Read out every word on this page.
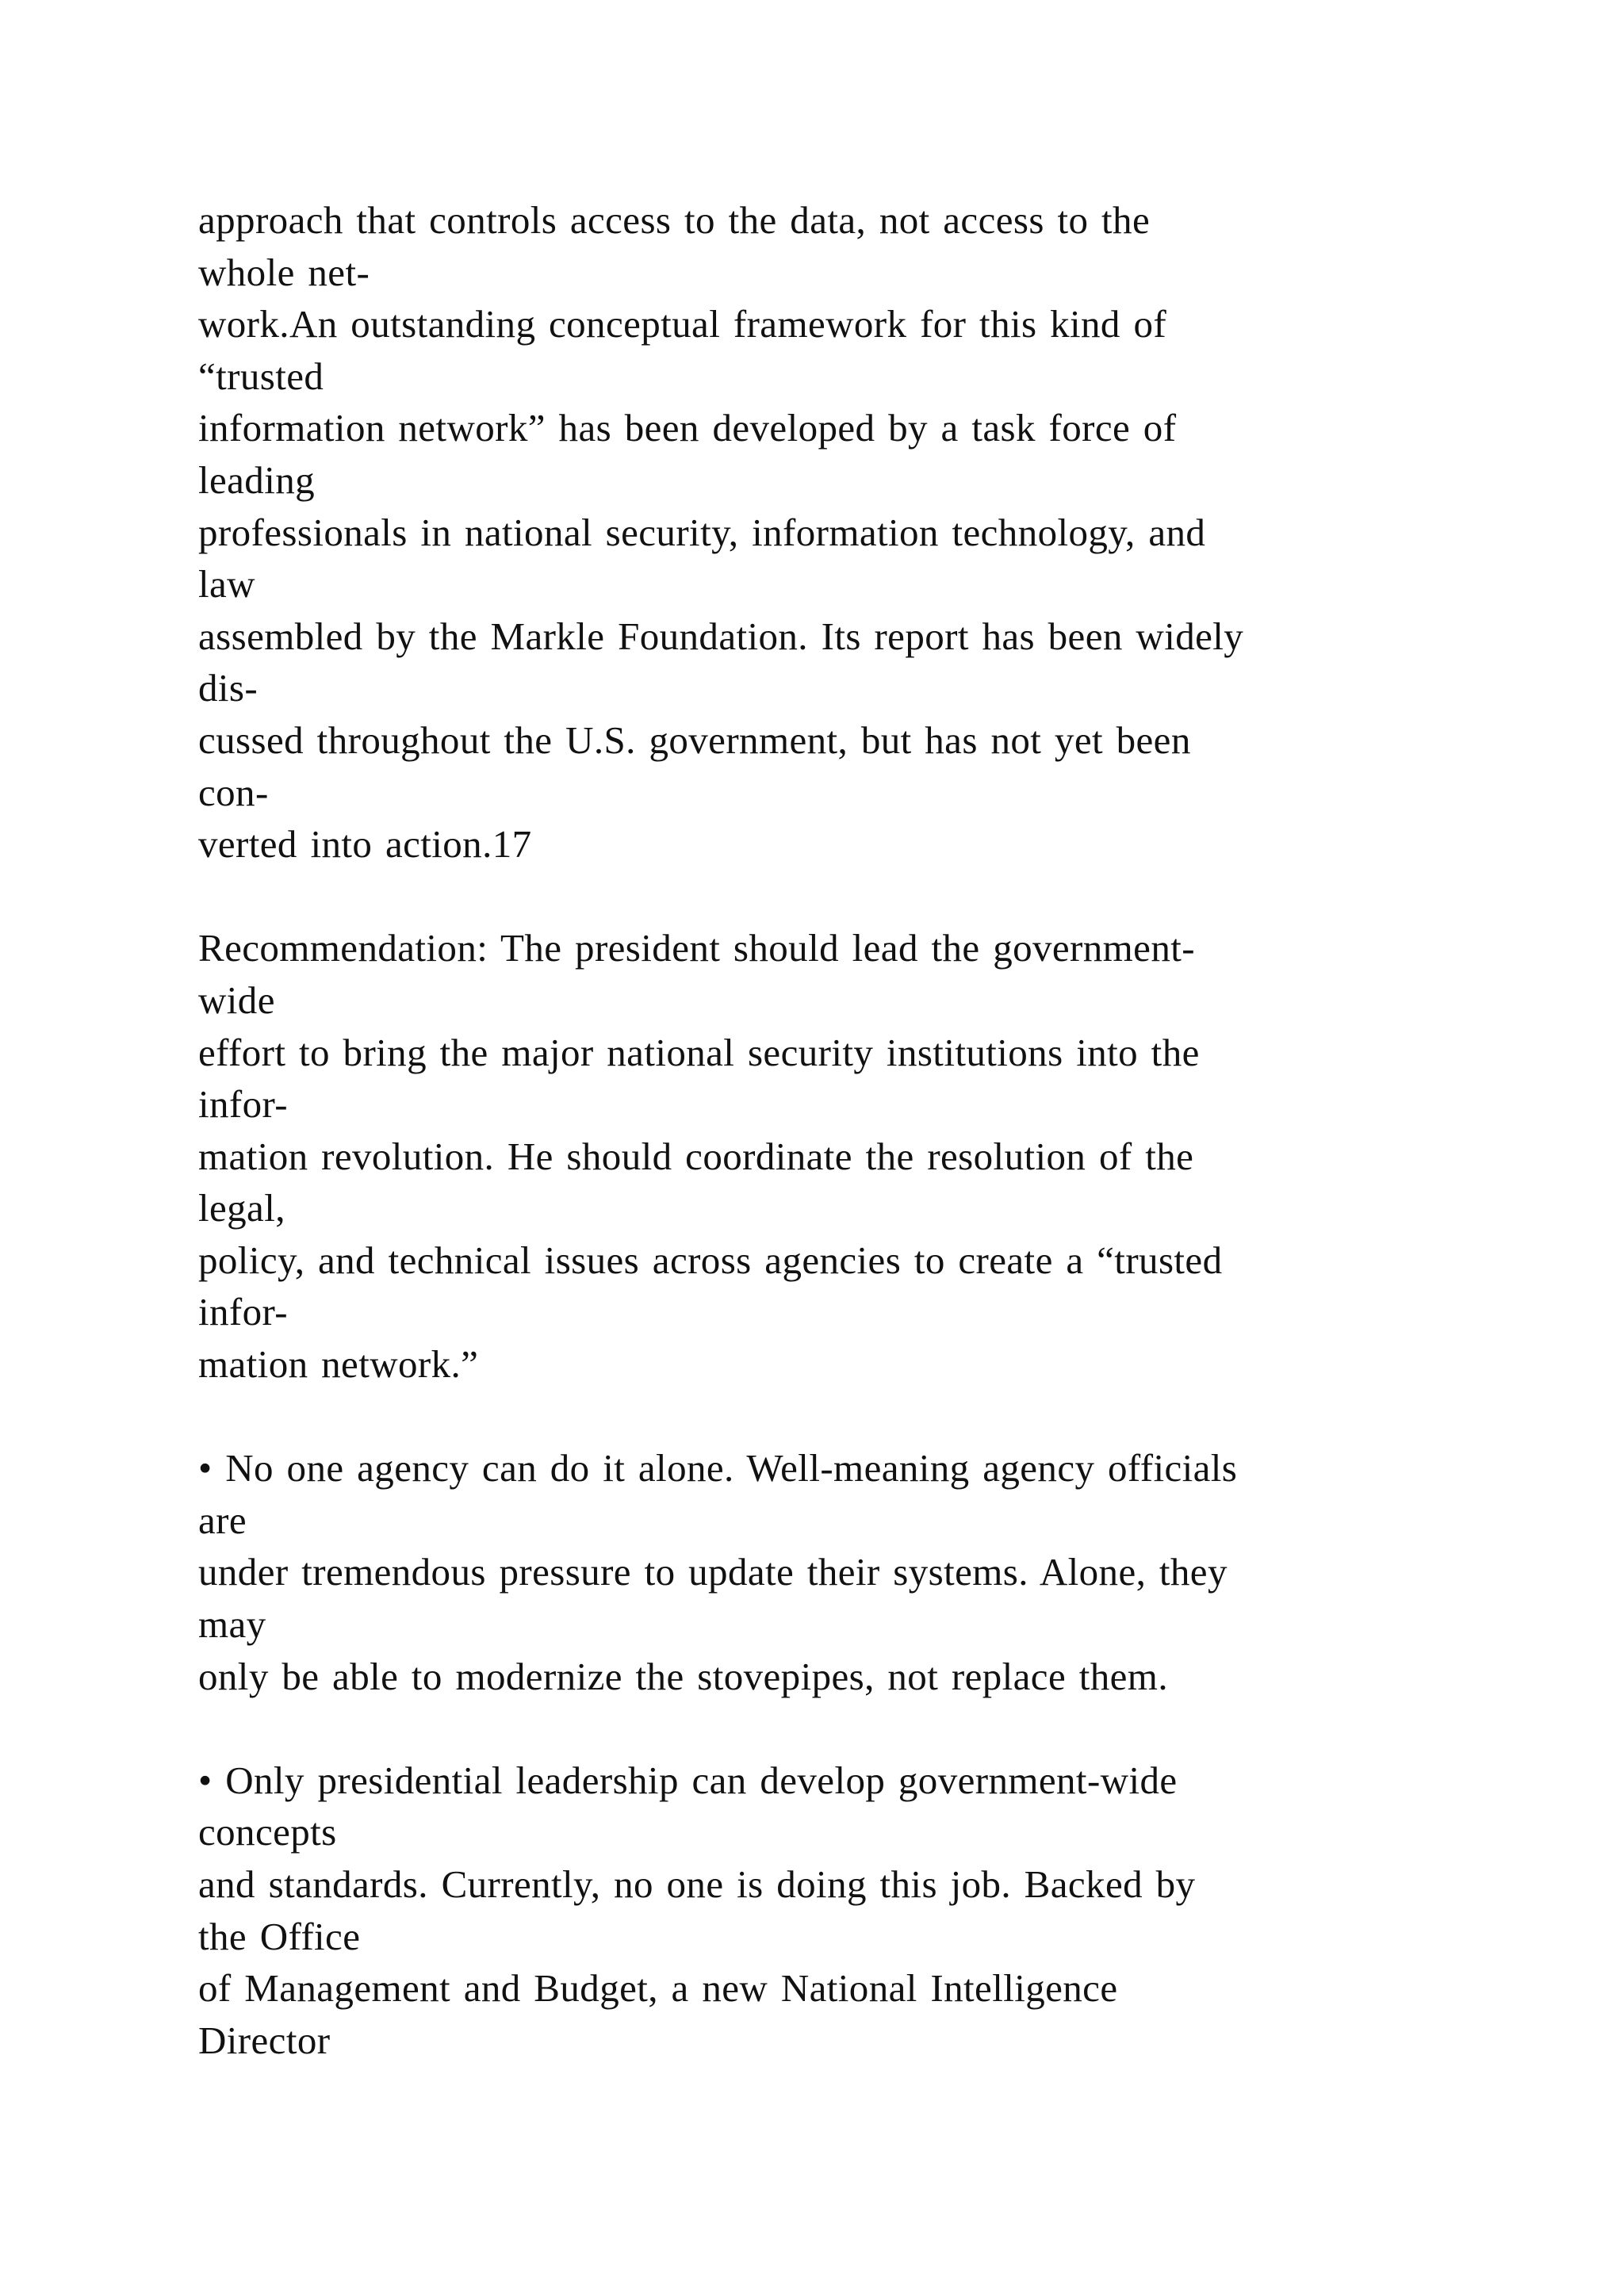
approach that controls access to the data, not access to the
whole net-
work.An outstanding conceptual framework for this kind of
“trusted
information network” has been developed by a task force of
leading
professionals in national security, information technology, and
law
assembled by the Markle Foundation. Its report has been widely
dis-
cussed throughout the U.S. government, but has not yet been
con-
verted into action.17
Recommendation: The president should lead the government-
wide
effort to bring the major national security institutions into the
infor-
mation revolution. He should coordinate the resolution of the
legal,
policy, and technical issues across agencies to create a “trusted
infor-
mation network.”
• No one agency can do it alone. Well-meaning agency officials
are
under tremendous pressure to update their systems. Alone, they
may
only be able to modernize the stovepipes, not replace them.
• Only presidential leadership can develop government-wide
concepts
and standards. Currently, no one is doing this job. Backed by
the Office
of Management and Budget, a new National Intelligence
Director
